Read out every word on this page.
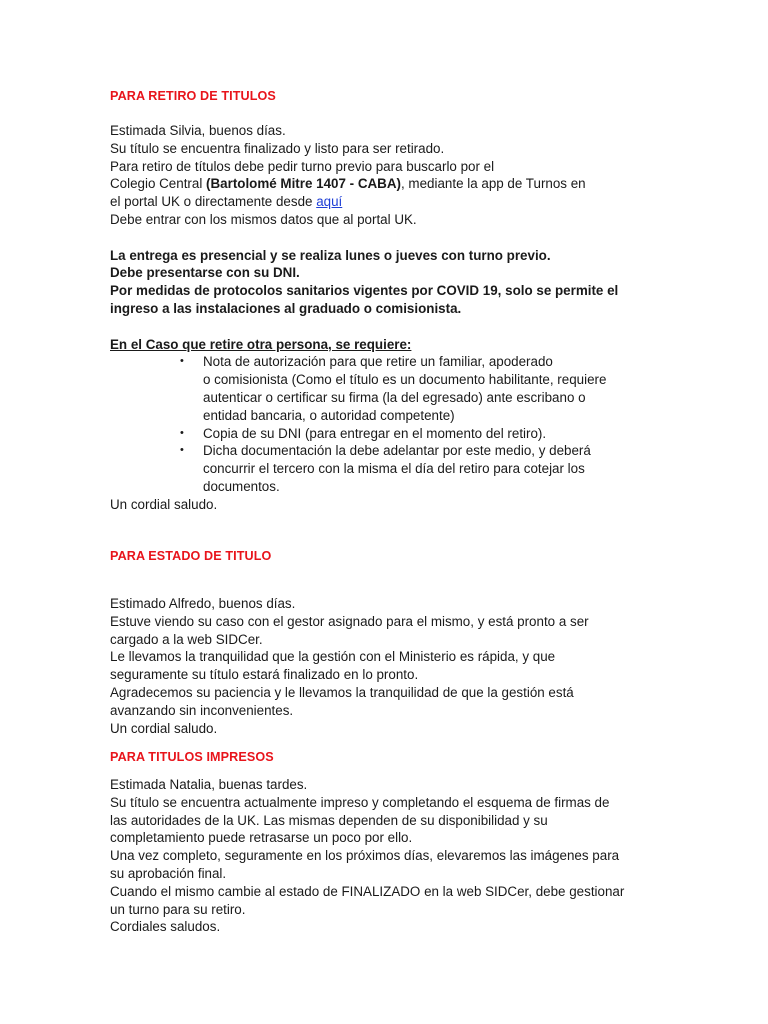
PARA RETIRO DE TITULOS
Estimada Silvia, buenos días.
Su título se encuentra finalizado y listo para ser retirado.
Para retiro de títulos debe pedir turno previo para buscarlo por el
Colegio Central (Bartolomé Mitre 1407 - CABA), mediante la app de Turnos en
el portal UK o directamente desde aquí
Debe entrar con los mismos datos que al portal UK.
La entrega es presencial y se realiza lunes o jueves con turno previo.
Debe presentarse con su DNI.
Por medidas de protocolos sanitarios vigentes por COVID 19, solo se permite el
ingreso a las instalaciones al graduado o comisionista.
En el Caso que retire otra persona, se requiere:
• Nota de autorización para que retire un familiar, apoderado
o comisionista (Como el título es un documento habilitante, requiere
autenticar o certificar su firma (la del egresado) ante escribano o
entidad bancaria, o autoridad competente)
• Copia de su DNI (para entregar en el momento del retiro).
• Dicha documentación la debe adelantar por este medio, y deberá
concurrir el tercero con la misma el día del retiro para cotejar los
documentos.
Un cordial saludo.
PARA ESTADO DE TITULO
Estimado Alfredo, buenos días.
Estuve viendo su caso con el gestor asignado para el mismo, y está pronto a ser
cargado a la web SIDCer.
Le llevamos la tranquilidad que la gestión con el Ministerio es rápida, y que
seguramente su título estará finalizado en lo pronto.
Agradecemos su paciencia y le llevamos la tranquilidad de que la gestión está
avanzando sin inconvenientes.
Un cordial saludo.
PARA TITULOS IMPRESOS
Estimada Natalia, buenas tardes.
Su título se encuentra actualmente impreso y completando el esquema de firmas de
las autoridades de la UK. Las mismas dependen de su disponibilidad y su
completamiento puede retrasarse un poco por ello.
Una vez completo, seguramente en los próximos días, elevaremos las imágenes para
su aprobación final.
Cuando el mismo cambie al estado de FINALIZADO en la web SIDCer, debe gestionar
un turno para su retiro.
Cordiales saludos.
